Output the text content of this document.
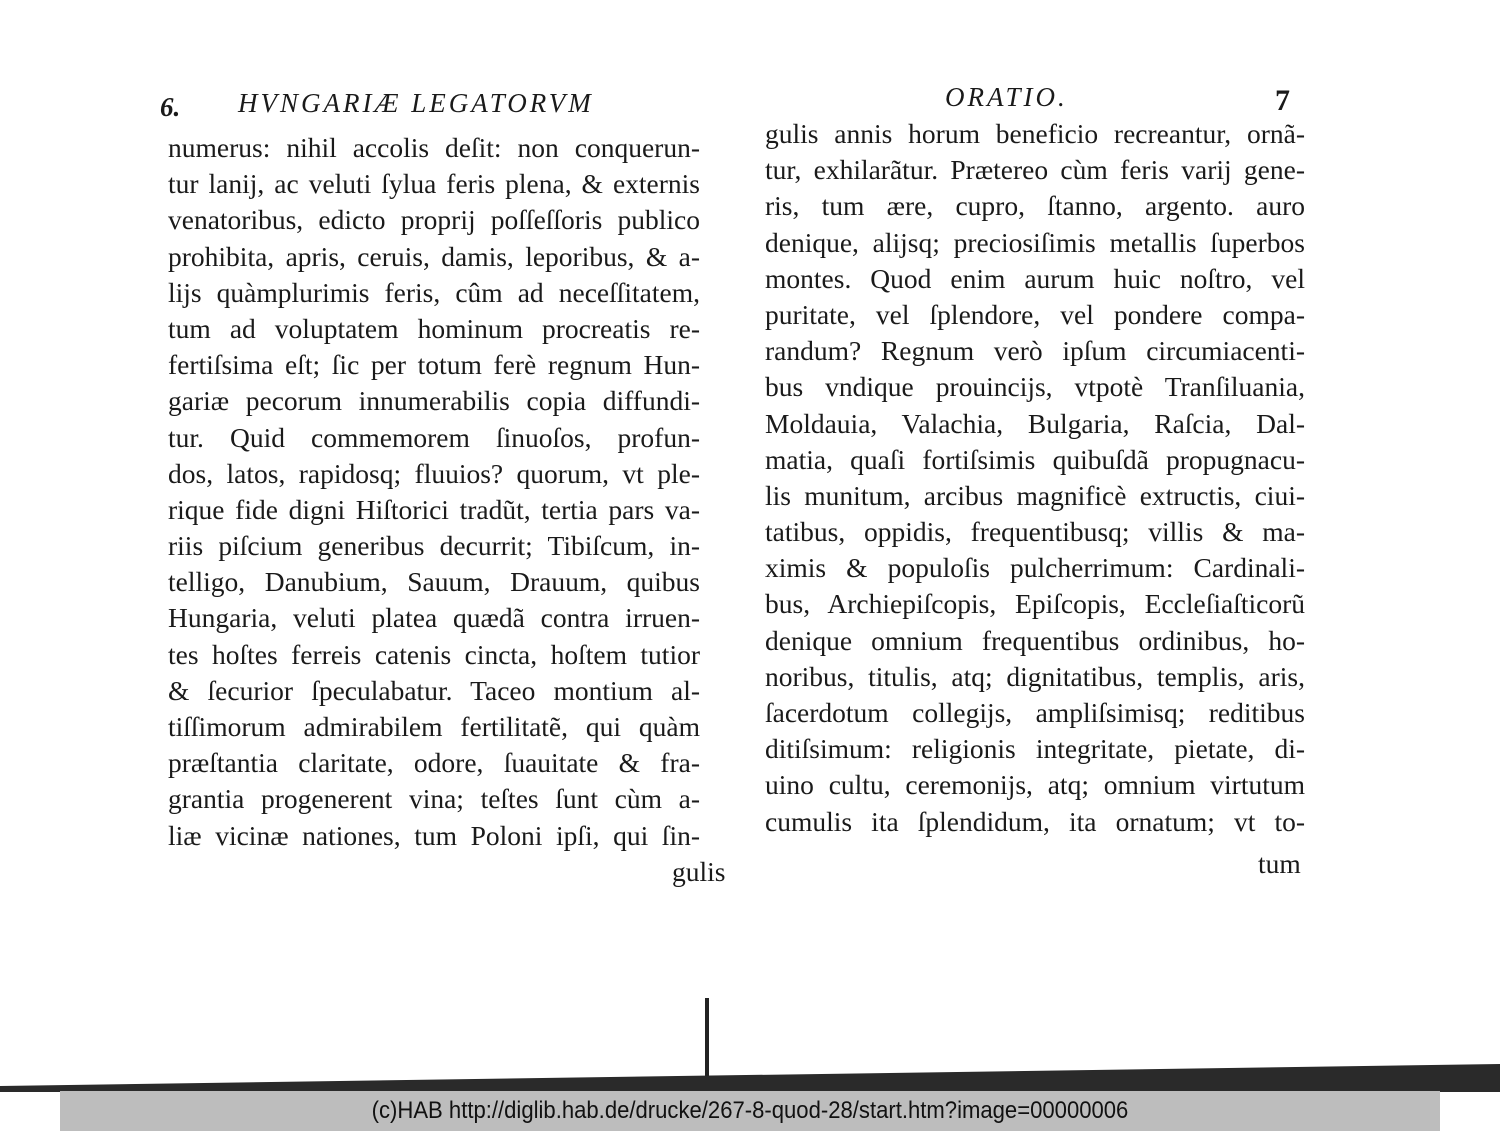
6. HVNGARIÆ LEGATORVM
numerus: nihil accolis deſit: non conquerun-
tur lanij, ac veluti ſylua feris plena, & externis
venatoribus, edicto proprij poſſeſſoris publico
prohibita, apris, ceruis, damis, leporibus, & a-
lijs quàmplurimis feris, cûm ad neceſſitatem,
tum ad voluptatem hominum procreatis re-
fertiſsima eſt; ſic per totum ferè regnum Hun-
gariæ pecorum innumerabilis copia diffundi-
tur. Quid commemorem ſinuoſos, profun-
dos, latos, rapidosq; fluuios? quorum, vt ple-
rique fide digni Hiſtorici tradũt, tertia pars va-
riis piſcium generibus decurrit; Tibiſcum, in-
telligo, Danubium, Sauum, Drauum, quibus
Hungaria, veluti platea quædã contra irruen-
tes hoſtes ferreis catenis cincta, hoſtem tutior
& ſecurior ſpeculabatur. Taceo montium al-
tiſſimorum admirabilem fertilitatẽ, qui quàm
præſtantia claritate, odore, ſuauitate & fra-
grantia progenerent vina; teſtes ſunt cùm a-
liæ vicinæ nationes, tum Poloni ipſi, qui ſin-
gulis
ORATIO.	7
gulis annis horum beneficio recreantur, ornã-
tur, exhilarãtur. Prætereo cùm feris varij gene-
ris, tum ære, cupro, ſtanno, argento. auro
denique, alijsq; preciosiſimis metallis ſuperbos
montes. Quod enim aurum huic noſtro, vel
puritate, vel ſplendore, vel pondere compa-
randum? Regnum verò ipſum circumiacenti-
bus vndique prouincijs, vtpotè Tranſiluania,
Moldauia, Valachia, Bulgaria, Raſcia, Dal-
matia, quaſi fortiſsimis quibuſdã propugnacu-
lis munitum, arcibus magnificè extructis, ciui-
tatibus, oppidis, frequentibusq; villis & ma-
ximis & populoſis pulcherrimum: Cardinali-
bus, Archiepiſcopis, Epiſcopis, Eccleſiaſticorũ
denique omnium frequentibus ordinibus, ho-
noribus, titulis, atq; dignitatibus, templis, aris,
ſacerdotum collegijs, ampliſsimisq; reditibus
ditiſsimum: religionis integritate, pietate, di-
uino cultu, ceremonijs, atq; omnium virtutum
cumulis ita ſplendidum, ita ornatum; vt to-
tum
(c)HAB http://diglib.hab.de/drucke/267-8-quod-28/start.htm?image=00000006
